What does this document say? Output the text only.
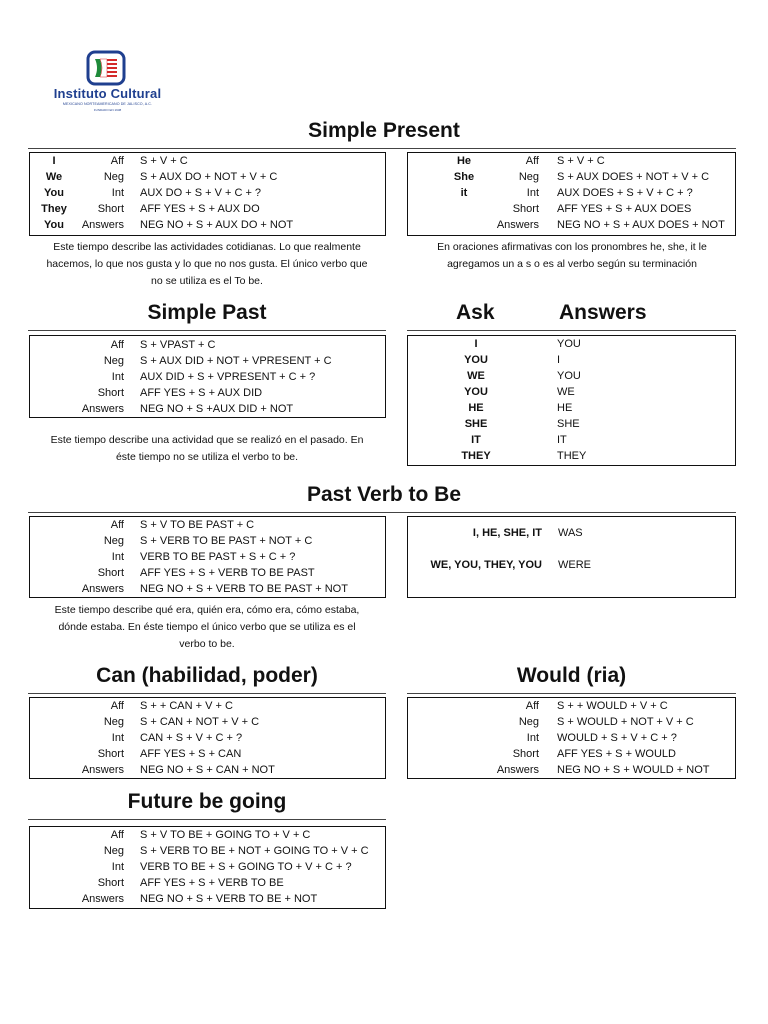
Instituto Cultural
MEXICANO NORTEAMERICANO DE JALISCO, A.C.
FUNDADO EN 1938
Simple Present
I	Aff S + V + C
We	Neg S + AUX DO + NOT + V + C
You	Int AUX DO + S + V + C + ?
They	Short AFF YES + S + AUX DO
You	Answers NEG NO + S + AUX DO + NOT
He	Aff S + V + C
She	Neg S + AUX DOES + NOT + V + C
it	Int AUX DOES + S + V + C + ?
Short AFF YES + S + AUX DOES
Answers NEG NO + S + AUX DOES + NOT
Este tiempo describe las actividades cotidianas. Lo que realmente
hacemos, lo que nos gusta y lo que no nos gusta. El único verbo que
no se utiliza es el To be.
En oraciones afirmativas con los pronombres he, she, it le
agregamos un a s o es al verbo según su terminación
Simple Past	Ask	Answers
Aff S + VPAST + C
Neg S + AUX DID + NOT + VPRESENT + C
Int AUX DID + S + VPRESENT + C + ?
Short AFF YES + S + AUX DID
Answers NEG NO + S +AUX DID + NOT
I	YOU
YOU	I
WE	YOU
YOU	WE
HE	HE
SHE	SHE
IT	IT
THEY	THEY
Este tiempo describe una actividad que se realizó en el pasado. En
éste tiempo no se utiliza el verbo to be.
Past Verb to Be
Aff S + V TO BE PAST + C
Neg S + VERB TO BE PAST + NOT + C
Int VERB TO BE PAST + S + C + ?
Short AFF YES + S + VERB TO BE PAST
Answers NEG NO + S + VERB TO BE PAST + NOT
I, HE, SHE, IT WAS
WE, YOU, THEY, YOU WERE
Este tiempo describe qué era, quién era, cómo era, cómo estaba,
dónde estaba. En éste tiempo el único verbo que se utiliza es el
verbo to be.
Can (habilidad, poder)	Would (ria)
Aff S + + CAN + V + C
Neg S + CAN + NOT + V + C
Int CAN + S + V + C + ?
Short AFF YES + S + CAN
Answers NEG NO + S + CAN + NOT
Aff S + + WOULD + V + C
Neg S + WOULD + NOT + V + C
Int WOULD + S + V + C + ?
Short AFF YES + S + WOULD
Answers NEG NO + S + WOULD + NOT
Future be going
Aff S + V TO BE + GOING TO + V + C
Neg S + VERB TO BE + NOT + GOING TO + V + C
Int VERB TO BE + S + GOING TO + V + C + ?
Short AFF YES + S + VERB TO BE
Answers NEG NO + S + VERB TO BE + NOT
